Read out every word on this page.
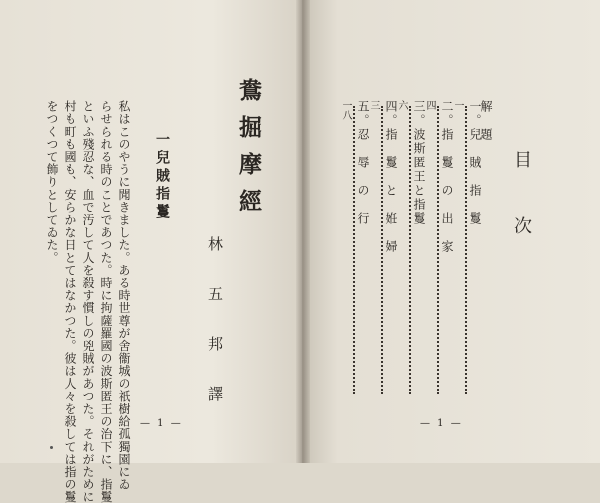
鴦掘摩經
林　五　邦　譯
一兒賊指鬘
私はこのやうに聞きました。ある時世尊が舍衞城の祇樹給孤獨園にゐ
らせられる時のことであつた。時に拘薩羅國の波斯匿王の治下に、指鬘
といふ殘忍な、血で汚して人を殺す慣しの兇賊があつた。それがために
村も町も國も、安らかな日とてはなかつた。彼は人々を殺しては指の鬘
をつくつて飾りとしてゐた。
— 1 —
目次
解　題
一。兒　賊　指　鬘
一
二。指　鬘　の　出　家
四
三。波斯匿王と指鬘
六
四。指　鬘　と　姙　婦
三
五。忍　辱　の　行
一八
— 1 —
